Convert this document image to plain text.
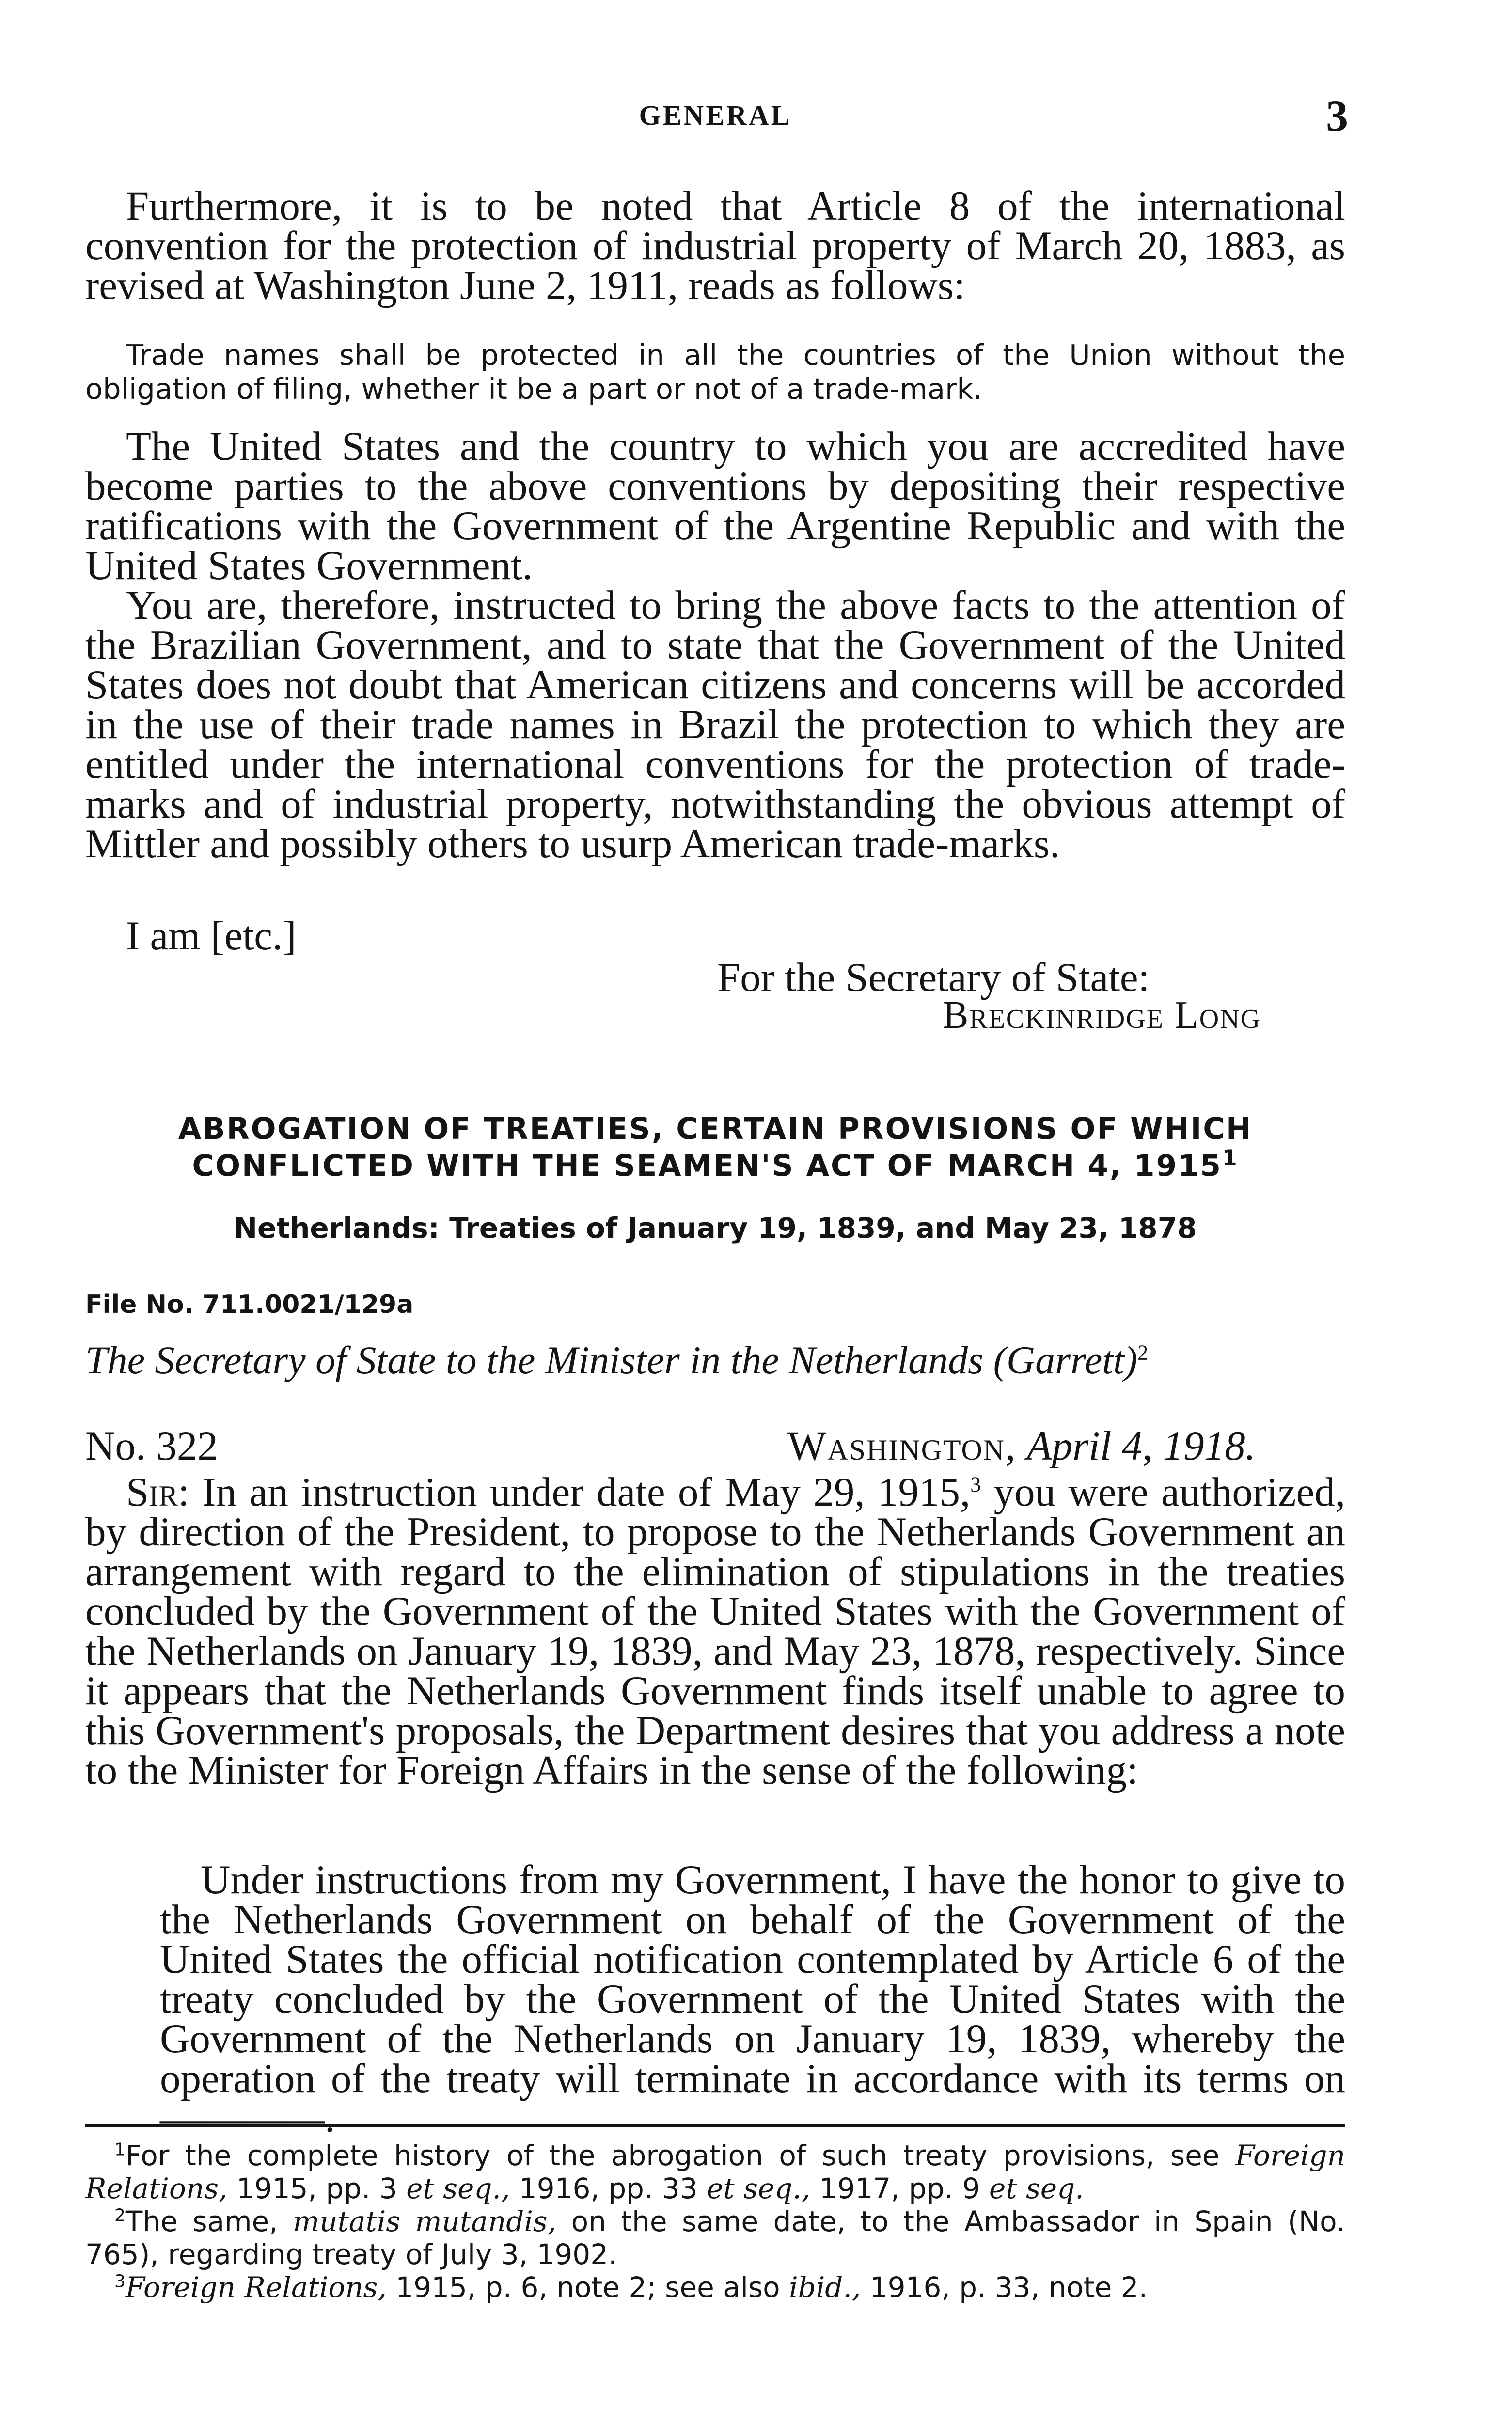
GENERAL	3

Furthermore, it is to be noted that Article 8 of the international convention for the protection of industrial property of March 20, 1883, as revised at Washington June 2, 1911, reads as follows:

Trade names shall be protected in all the countries of the Union without the obligation of filing, whether it be a part or not of a trade-mark.

The United States and the country to which you are accredited have become parties to the above conventions by depositing their respective ratifications with the Government of the Argentine Republic and with the United States Government.

You are, therefore, instructed to bring the above facts to the attention of the Brazilian Government, and to state that the Government of the United States does not doubt that American citizens and concerns will be accorded in the use of their trade names in Brazil the protection to which they are entitled under the international conventions for the protection of trade-marks and of industrial property, notwithstanding the obvious attempt of Mittler and possibly others to usurp American trade-marks.

I am [etc.]
For the Secretary of State:
Breckinridge Long
ABROGATION OF TREATIES, CERTAIN PROVISIONS OF WHICH
CONFLICTED WITH THE SEAMEN'S ACT OF MARCH 4, 1915$^1$
Netherlands: Treaties of January 19, 1839, and May 23, 1878
File No. 711.0021/129a
The Secretary of State to the Minister in the Netherlands (Garrett)$^2$
No. 322	Washington, April 4, 1918.

Sir: In an instruction under date of May 29, 1915,$^3$ you were authorized, by direction of the President, to propose to the Netherlands Government an arrangement with regard to the elimination of stipulations in the treaties concluded by the Government of the United States with the Government of the Netherlands on January 19, 1839, and May 23, 1878, respectively. Since it appears that the Netherlands Government finds itself unable to agree to this Government's proposals, the Department desires that you address a note to the Minister for Foreign Affairs in the sense of the following:

Under instructions from my Government, I have the honor to give to the Netherlands Government on behalf of the Government of the United States the official notification contemplated by Article 6 of the treaty concluded by the Government of the United States with the Government of the Netherlands on January 19, 1839, whereby the operation of the treaty will terminate in accordance with its terms on ————.

$^1$For the complete history of the abrogation of such treaty provisions, see Foreign Relations, 1915, pp. 3 et seq., 1916, pp. 33 et seq., 1917, pp. 9 et seq.

$^2$The same, mutatis mutandis, on the same date, to the Ambassador in Spain (No. 765), regarding treaty of July 3, 1902.

$^3$Foreign Relations, 1915, p. 6, note 2; see also ibid., 1916, p. 33, note 2.
